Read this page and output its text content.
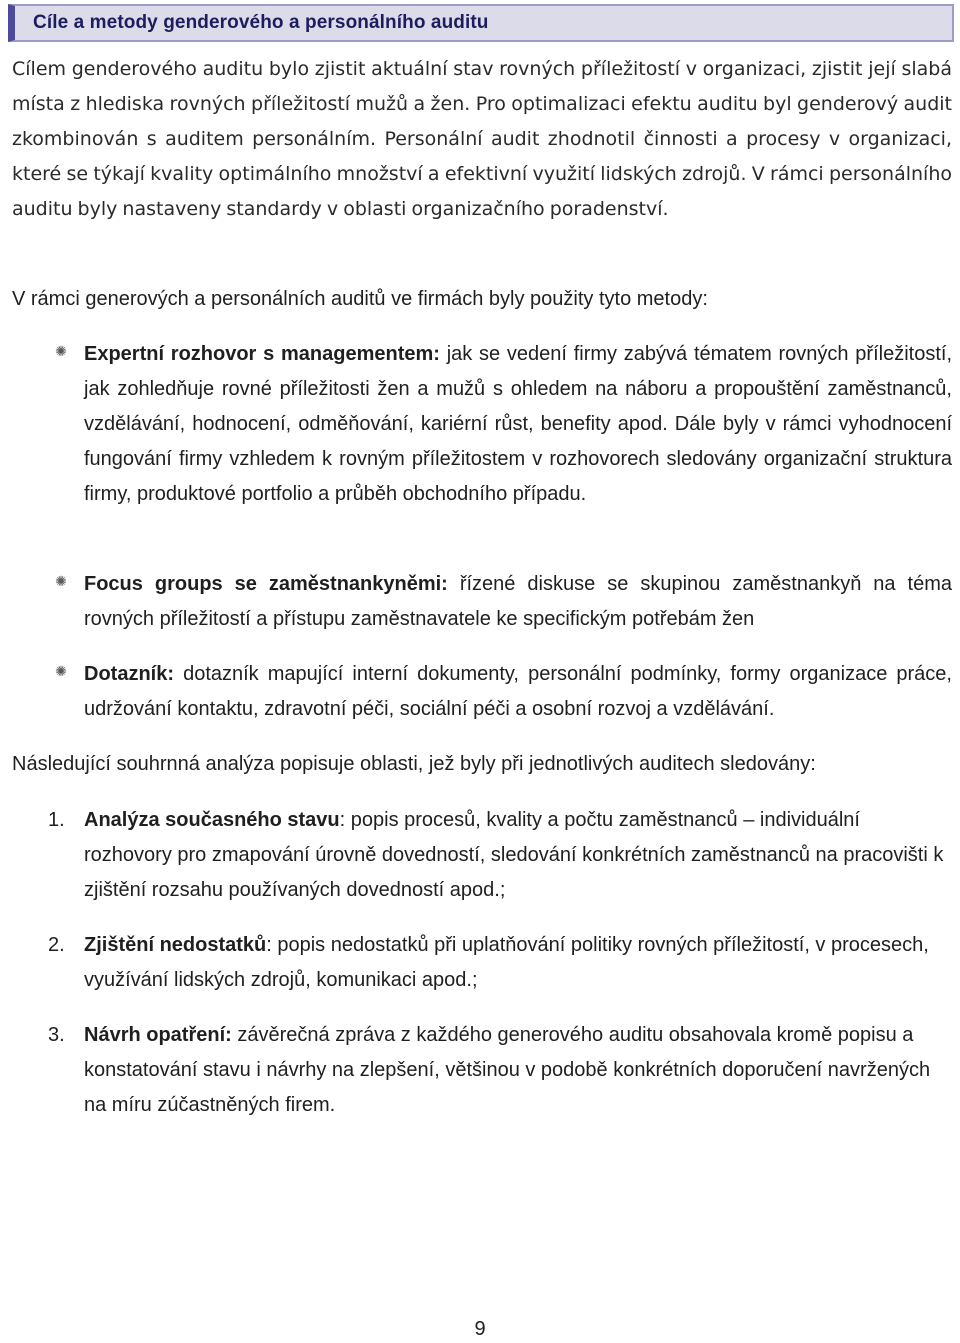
Cíle a metody genderového a personálního auditu

Cílem genderového auditu bylo zjistit aktuální stav rovných příležitostí v organizaci, zjistit její slabá místa z hlediska rovných příležitostí mužů a žen. Pro optimalizaci efektu auditu byl genderový audit zkombinován s auditem personálním. Personální audit zhodnotil činnosti a procesy v organizaci, které se týkají kvality optimálního množství a efektivní využití lidských zdrojů. V rámci personálního auditu byly nastaveny standardy v oblasti organizačního poradenství.

V rámci generových a personálních auditů ve firmách byly použity tyto metody:

✺ Expertní rozhovor s managementem: jak se vedení firmy zabývá tématem rovných příležitostí, jak zohledňuje rovné příležitosti žen a mužů s ohledem na náboru a propouštění zaměstnanců, vzdělávání, hodnocení, odměňování, kariérní růst, benefity apod. Dále byly v rámci vyhodnocení fungování firmy vzhledem k rovným příležitostem v rozhovorech sledovány organizační struktura firmy, produktové portfolio a průběh obchodního případu.

✺ Focus groups se zaměstnankyněmi: řízené diskuse se skupinou zaměstnankyň na téma rovných příležitostí a přístupu zaměstnavatele ke specifickým potřebám žen

✺ Dotazník: dotazník mapující interní dokumenty, personální podmínky, formy organizace práce, udržování kontaktu, zdravotní péči, sociální péči a osobní rozvoj a vzdělávání.

Následující souhrnná analýza popisuje oblasti, jež byly při jednotlivých auditech sledovány:

1. Analýza současného stavu: popis procesů, kvality a počtu zaměstnanců – individuální rozhovory pro zmapování úrovně dovedností, sledování konkrétních zaměstnanců na pracovišti k zjištění rozsahu používaných dovedností apod.;

2. Zjištění nedostatků: popis nedostatků při uplatňování politiky rovných příležitostí, v procesech, využívání lidských zdrojů, komunikaci apod.;

3. Návrh opatření: závěrečná zpráva z každého generového auditu obsahovala kromě popisu a konstatování stavu i návrhy na zlepšení, většinou v podobě konkrétních doporučení navržených na míru zúčastněných firem.

9
